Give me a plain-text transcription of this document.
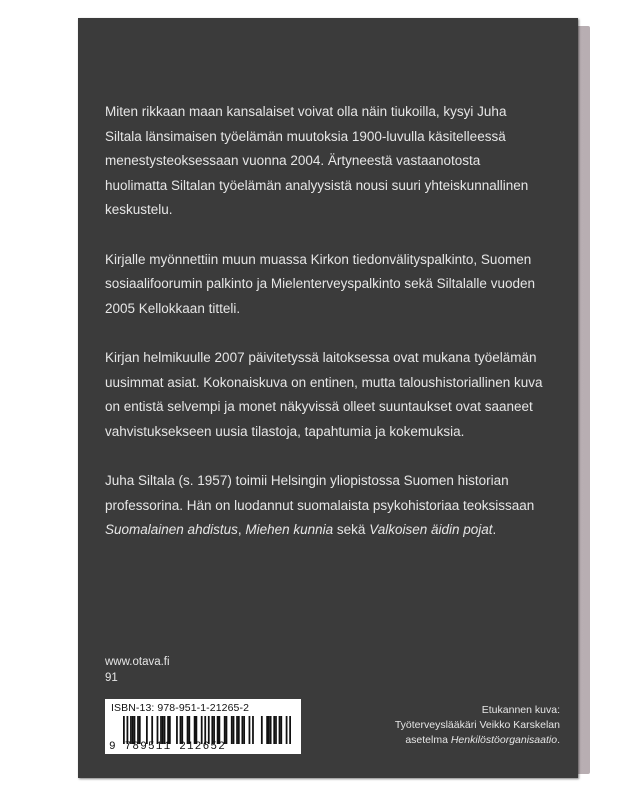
Miten rikkaan maan kansalaiset voivat olla näin tiukoilla, kysyi Juha Siltala länsimaisen työelämän muutoksia 1900-luvulla käsitelleessä menestysteoksessaan vuonna 2004. Ärtyneestä vastaanotosta huolimatta Siltalan työelämän analyysistä nousi suuri yhteiskunnallinen keskustelu.

Kirjalle myönnettiin muun muassa Kirkon tiedonvälityspalkinto, Suomen sosiaalifoorumin palkinto ja Mielenterveyspalkinto sekä Siltalalle vuoden 2005 Kellokkaan titteli.

Kirjan helmikuulle 2007 päivitetyssä laitoksessa ovat mukana työelämän uusimmat asiat. Kokonaiskuva on entinen, mutta taloushistoriallinen kuva on entistä selvempi ja monet näkyvissä olleet suuntaukset ovat saaneet vahvistuksekseen uusia tilastoja, tapahtumia ja kokemuksia.

Juha Siltala (s. 1957) toimii Helsingin yliopistossa Suomen historian professorina. Hän on luodannut suomalaista psykohistoriaa teoksissaan Suomalainen ahdistus, Miehen kunnia sekä Valkoisen äidin pojat.

www.otava.fi
91
ISBN-13: 978-951-1-21265-2
9 789511 212652
Etukannen kuva:
Työterveyslääkäri Veikko Karskelan
asetelma Henkilöstöorganisaatio.
